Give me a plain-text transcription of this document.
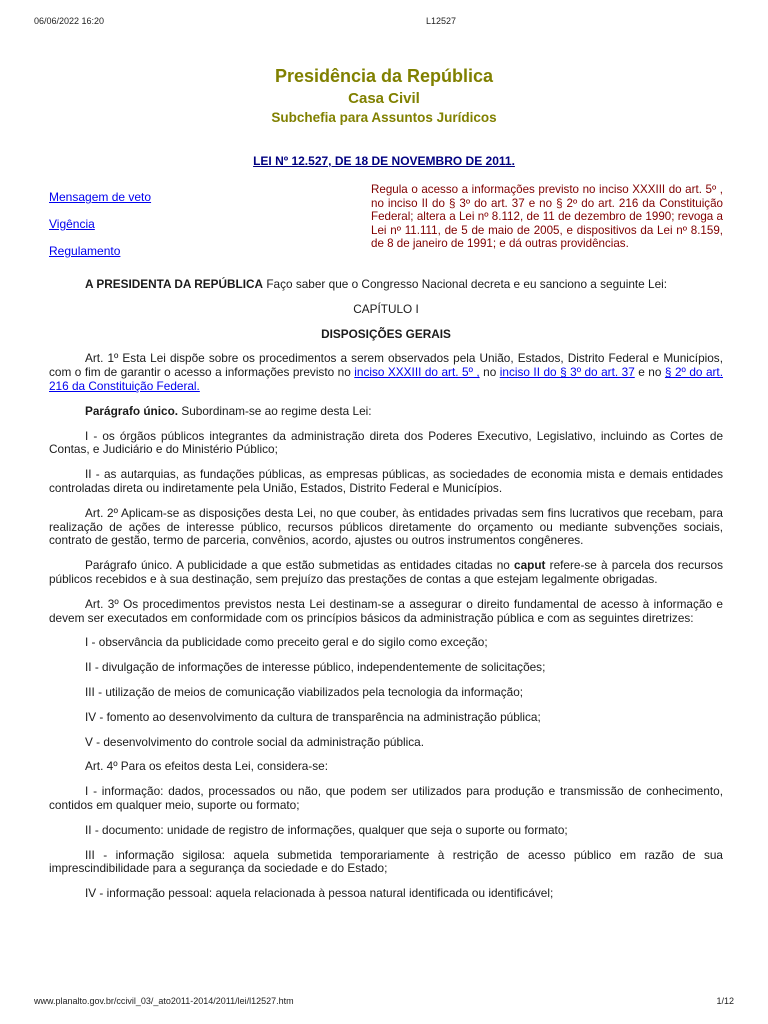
06/06/2022 16:20	L12527
Presidência da República
Casa Civil
Subchefia para Assuntos Jurídicos
LEI Nº 12.527, DE 18 DE NOVEMBRO DE 2011.
Mensagem de veto
Vigência
Regulamento
Regula o acesso a informações previsto no inciso XXXIII do art. 5º , no inciso II do § 3º do art. 37 e no § 2º do art. 216 da Constituição Federal; altera a Lei nº 8.112, de 11 de dezembro de 1990; revoga a Lei nº 11.111, de 5 de maio de 2005, e dispositivos da Lei nº 8.159, de 8 de janeiro de 1991; e dá outras providências.

A PRESIDENTA DA REPÚBLICA Faço saber que o Congresso Nacional decreta e eu sanciono a seguinte Lei:

CAPÍTULO I

DISPOSIÇÕES GERAIS

Art. 1º Esta Lei dispõe sobre os procedimentos a serem observados pela União, Estados, Distrito Federal e Municípios, com o fim de garantir o acesso a informações previsto no inciso XXXIII do art. 5º , no inciso II do § 3º do art. 37 e no § 2º do art. 216 da Constituição Federal.

Parágrafo único. Subordinam-se ao regime desta Lei:

I - os órgãos públicos integrantes da administração direta dos Poderes Executivo, Legislativo, incluindo as Cortes de Contas, e Judiciário e do Ministério Público;

II - as autarquias, as fundações públicas, as empresas públicas, as sociedades de economia mista e demais entidades controladas direta ou indiretamente pela União, Estados, Distrito Federal e Municípios.

Art. 2º Aplicam-se as disposições desta Lei, no que couber, às entidades privadas sem fins lucrativos que recebam, para realização de ações de interesse público, recursos públicos diretamente do orçamento ou mediante subvenções sociais, contrato de gestão, termo de parceria, convênios, acordo, ajustes ou outros instrumentos congêneres.

Parágrafo único. A publicidade a que estão submetidas as entidades citadas no caput refere-se à parcela dos recursos públicos recebidos e à sua destinação, sem prejuízo das prestações de contas a que estejam legalmente obrigadas.

Art. 3º Os procedimentos previstos nesta Lei destinam-se a assegurar o direito fundamental de acesso à informação e devem ser executados em conformidade com os princípios básicos da administração pública e com as seguintes diretrizes:

I - observância da publicidade como preceito geral e do sigilo como exceção;

II - divulgação de informações de interesse público, independentemente de solicitações;

III - utilização de meios de comunicação viabilizados pela tecnologia da informação;

IV - fomento ao desenvolvimento da cultura de transparência na administração pública;

V - desenvolvimento do controle social da administração pública.

Art. 4º Para os efeitos desta Lei, considera-se:

I - informação: dados, processados ou não, que podem ser utilizados para produção e transmissão de conhecimento, contidos em qualquer meio, suporte ou formato;

II - documento: unidade de registro de informações, qualquer que seja o suporte ou formato;

III - informação sigilosa: aquela submetida temporariamente à restrição de acesso público em razão de sua imprescindibilidade para a segurança da sociedade e do Estado;

IV - informação pessoal: aquela relacionada à pessoa natural identificada ou identificável;

www.planalto.gov.br/ccivil_03/_ato2011-2014/2011/lei/l12527.htm	1/12
